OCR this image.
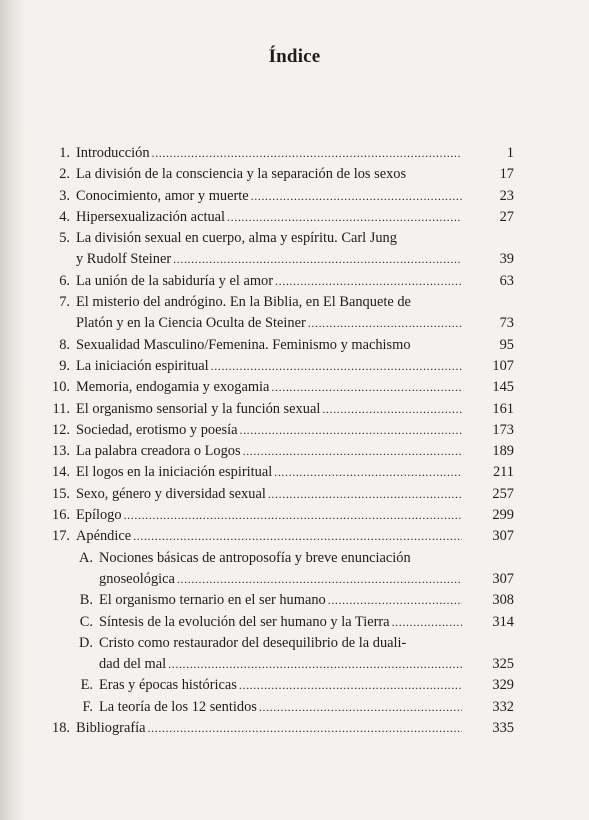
Índice
1. Introducción .....	1
2. La división de la consciencia y la separación de los sexos	17
3. Conocimiento, amor y muerte .....	23
4. Hipersexualización actual .....	27
5. La división sexual en cuerpo, alma y espíritu. Carl Jung
y Rudolf Steiner .....	39
6. La unión de la sabiduría y el amor .....	63
7. El misterio del andrógino. En la Biblia, en El Banquete de
Platón y en la Ciencia Oculta de Steiner .....	73
8. Sexualidad Masculino/Femenina. Feminismo y machismo	95
9. La iniciación espiritual .....	107
10. Memoria, endogamia y exogamia .....	145
11. El organismo sensorial y la función sexual .....	161
12. Sociedad, erotismo y poesía .....	173
13. La palabra creadora o Logos .....	189
14. El logos en la iniciación espiritual .....	211
15. Sexo, género y diversidad sexual .....	257
16. Epílogo .....	299
17. Apéndice .....	307
A. Nociones básicas de antroposofía y breve enunciación
gnoseológica .....	307
B. El organismo ternario en el ser humano .....	308
C. Síntesis de la evolución del ser humano y la Tierra .....	314
D. Cristo como restaurador del desequilibrio de la duali-
dad del mal .....	325
E. Eras y épocas históricas .....	329
F. La teoría de los 12 sentidos .....	332
18. Bibliografía .....	335
